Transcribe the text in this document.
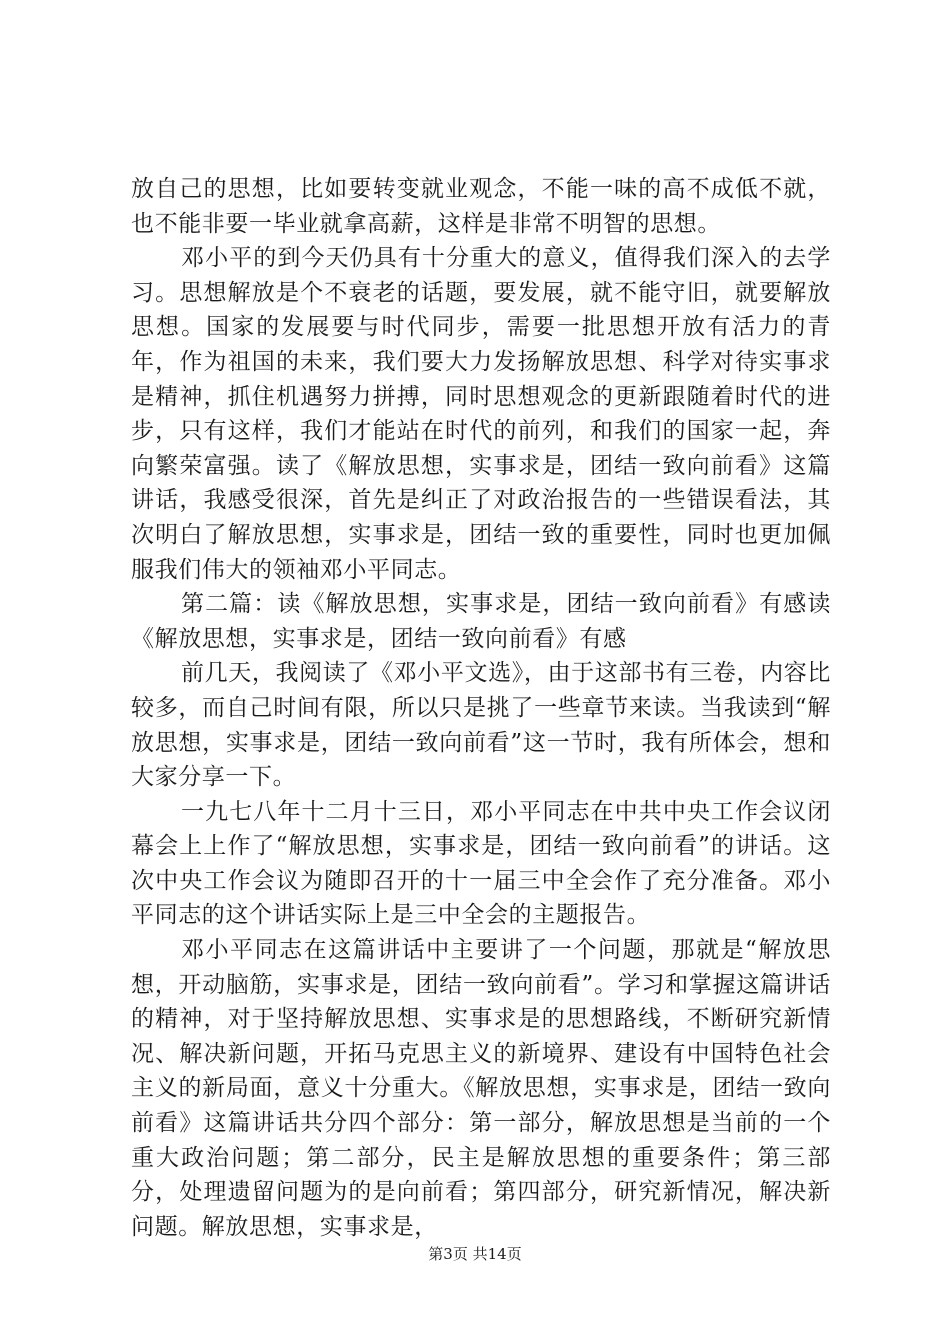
放自己的思想，比如要转变就业观念，不能一味的高不成低不就，也不能非要一毕业就拿高薪，这样是非常不明智的思想。

邓小平的到今天仍具有十分重大的意义，值得我们深入的去学习。思想解放是个不衰老的话题，要发展，就不能守旧，就要解放思想。国家的发展要与时代同步，需要一批思想开放有活力的青年，作为祖国的未来，我们要大力发扬解放思想、科学对待实事求是精神，抓住机遇努力拼搏，同时思想观念的更新跟随着时代的进步，只有这样，我们才能站在时代的前列，和我们的国家一起，奔向繁荣富强。读了《解放思想，实事求是，团结一致向前看》这篇讲话，我感受很深，首先是纠正了对政治报告的一些错误看法，其次明白了解放思想，实事求是，团结一致的重要性，同时也更加佩服我们伟大的领袖邓小平同志。

第二篇：读《解放思想，实事求是，团结一致向前看》有感读《解放思想，实事求是，团结一致向前看》有感

前几天，我阅读了《邓小平文选》，由于这部书有三卷，内容比较多，而自己时间有限，所以只是挑了一些章节来读。当我读到“解放思想，实事求是，团结一致向前看”这一节时，我有所体会，想和大家分享一下。

一九七八年十二月十三日，邓小平同志在中共中央工作会议闭幕会上上作了“解放思想，实事求是，团结一致向前看”的讲话。这次中央工作会议为随即召开的十一届三中全会作了充分准备。邓小平同志的这个讲话实际上是三中全会的主题报告。

邓小平同志在这篇讲话中主要讲了一个问题，那就是“解放思想，开动脑筋，实事求是，团结一致向前看”。学习和掌握这篇讲话的精神，对于坚持解放思想、实事求是的思想路线，不断研究新情况、解决新问题，开拓马克思主义的新境界、建设有中国特色社会主义的新局面，意义十分重大。《解放思想，实事求是，团结一致向前看》这篇讲话共分四个部分：第一部分，解放思想是当前的一个重大政治问题；第二部分，民主是解放思想的重要条件；第三部分，处理遗留问题为的是向前看；第四部分，研究新情况，解决新问题。解放思想，实事求是，

第3页 共14页
